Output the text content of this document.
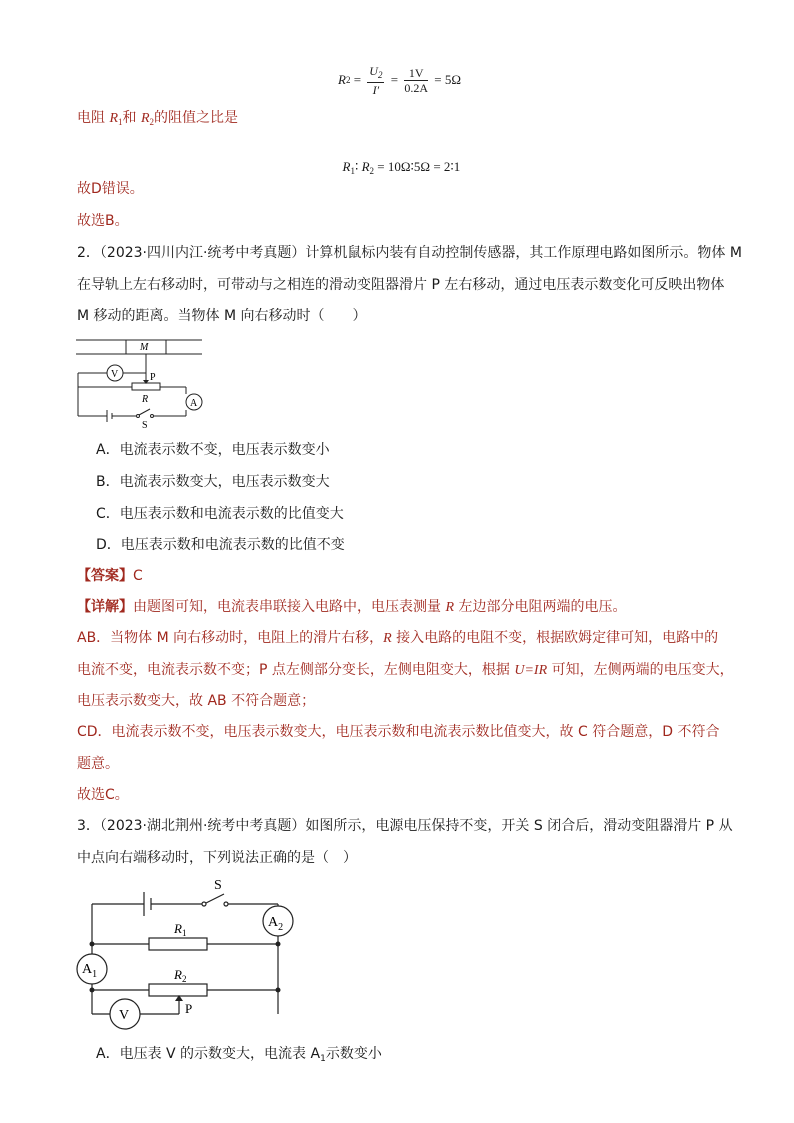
R $2 = \frac{U_2}{I'} = \frac{1V}{0.2A} = 5\Omega$
电阻 $R_1$和 $R_2$的阻值之比是

$R_1∶$ $R_2$ = 10Ω∶5Ω = 2∶1

故D错误。
故选B。
2．（2023·四川内江·统考中考真题）计算机鼠标内装有自动控制传感器，其工作原理电路如图所示。物体 M
在导轨上左右移动时，可带动与之相连的滑动变阻器滑片 P 左右移动，通过电压表示数变化可反映出物体
M 移动的距离。当物体 M 向右移动时（　　）
M
V	P
R	A
S
A．电流表示数不变，电压表示数变小
B．电流表示数变大，电压表示数变大
C．电压表示数和电流表示数的比值变大
D．电压表示数和电流表示数的比值不变
【答案】C
【详解】由题图可知，电流表串联接入电路中，电压表测量 R 左边部分电阻两端的电压。
AB．当物体 M 向右移动时，电阻上的滑片右移，R 接入电路的电阻不变，根据欧姆定律可知，电路中的
电流不变，电流表示数不变；P 点左侧部分变长，左侧电阻变大，根据 U=IR 可知，左侧两端的电压变大，
电压表示数变大，故 AB 不符合题意；
CD．电流表示数不变，电压表示数变大，电压表示数和电流表示数比值变大，故 C 符合题意，D 不符合
题意。
故选C。
3．（2023·湖北荆州·统考中考真题）如图所示，电源电压保持不变，开关 S 闭合后，滑动变阻器滑片 P 从
中点向右端移动时，下列说法正确的是（　）
S
$A_2$
$R_1$
$A_1$	$R_2$
P
V
A．电压表 V 的示数变大，电流表 $A_1$示数变小
